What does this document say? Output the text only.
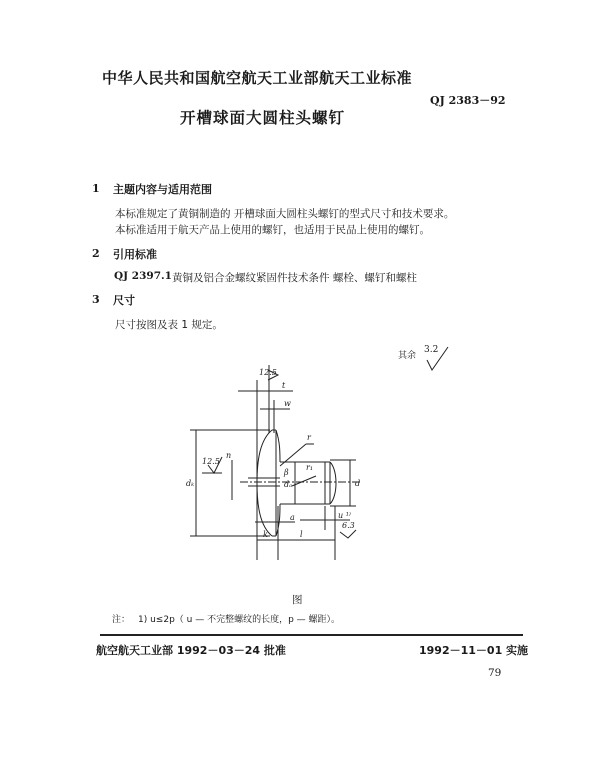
中华人民共和国航空航天工业部航天工业标准
QJ 2383－92
开槽球面大圆柱头螺钉
1 主题内容与适用范围
本标准规定了黄铜制造的 开槽球面大圆柱头螺钉的型式尺寸和技术要求。
本标准适用于航天产品上使用的螺钉，也适用于民品上使用的螺钉。
2 引用标准
QJ 2397.1 黄铜及铝合金螺纹紧固件技术条件 螺栓、螺钉和螺柱
3 尺寸
尺寸按图及表 1 规定。
其余
3.2
12.5
t
w
r
dₖ
12.5
n
β
dₐ
r₁
d
u ¹⁾
a
6.3
k	l
图
注： 1) u≤2p（ u — 不完整螺纹的长度，p — 螺距）。
航空航天工业部 1992－03－24 批准	1992－11－01 实施
79
